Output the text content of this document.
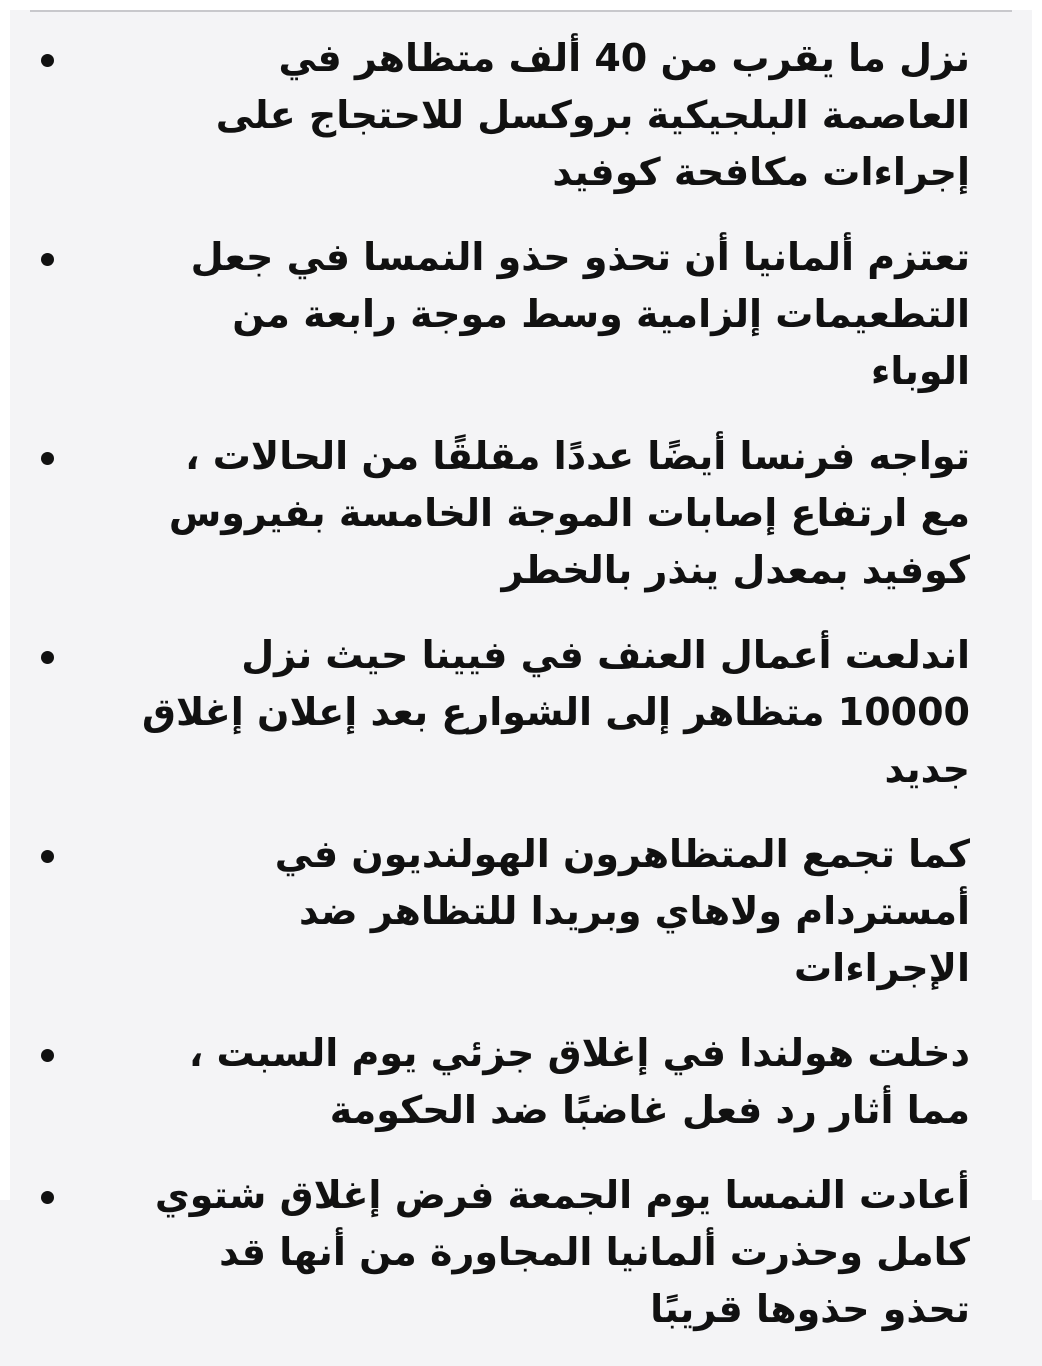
نزل ما يقرب من 40 ألف متظاهر في العاصمة البلجيكية بروكسل للاحتجاج على إجراءات مكافحة كوفيد
تعتزم ألمانيا أن تحذو حذو النمسا في جعل التطعيمات إلزامية وسط موجة رابعة من الوباء
تواجه فرنسا أيضًا عددًا مقلقًا من الحالات ، مع ارتفاع إصابات الموجة الخامسة بفيروس كوفيد بمعدل ينذر بالخطر
اندلعت أعمال العنف في فيينا حيث نزل 10000 متظاهر إلى الشوارع بعد إعلان إغلاق جديد
كما تجمع المتظاهرون الهولنديون في أمستردام ولاهاي وبريدا للتظاهر ضد الإجراءات
دخلت هولندا في إغلاق جزئي يوم السبت ، مما أثار رد فعل غاضبًا ضد الحكومة
أعادت النمسا يوم الجمعة فرض إغلاق شتوي كامل وحذرت ألمانيا المجاورة من أنها قد تحذو حذوها قريبًا
